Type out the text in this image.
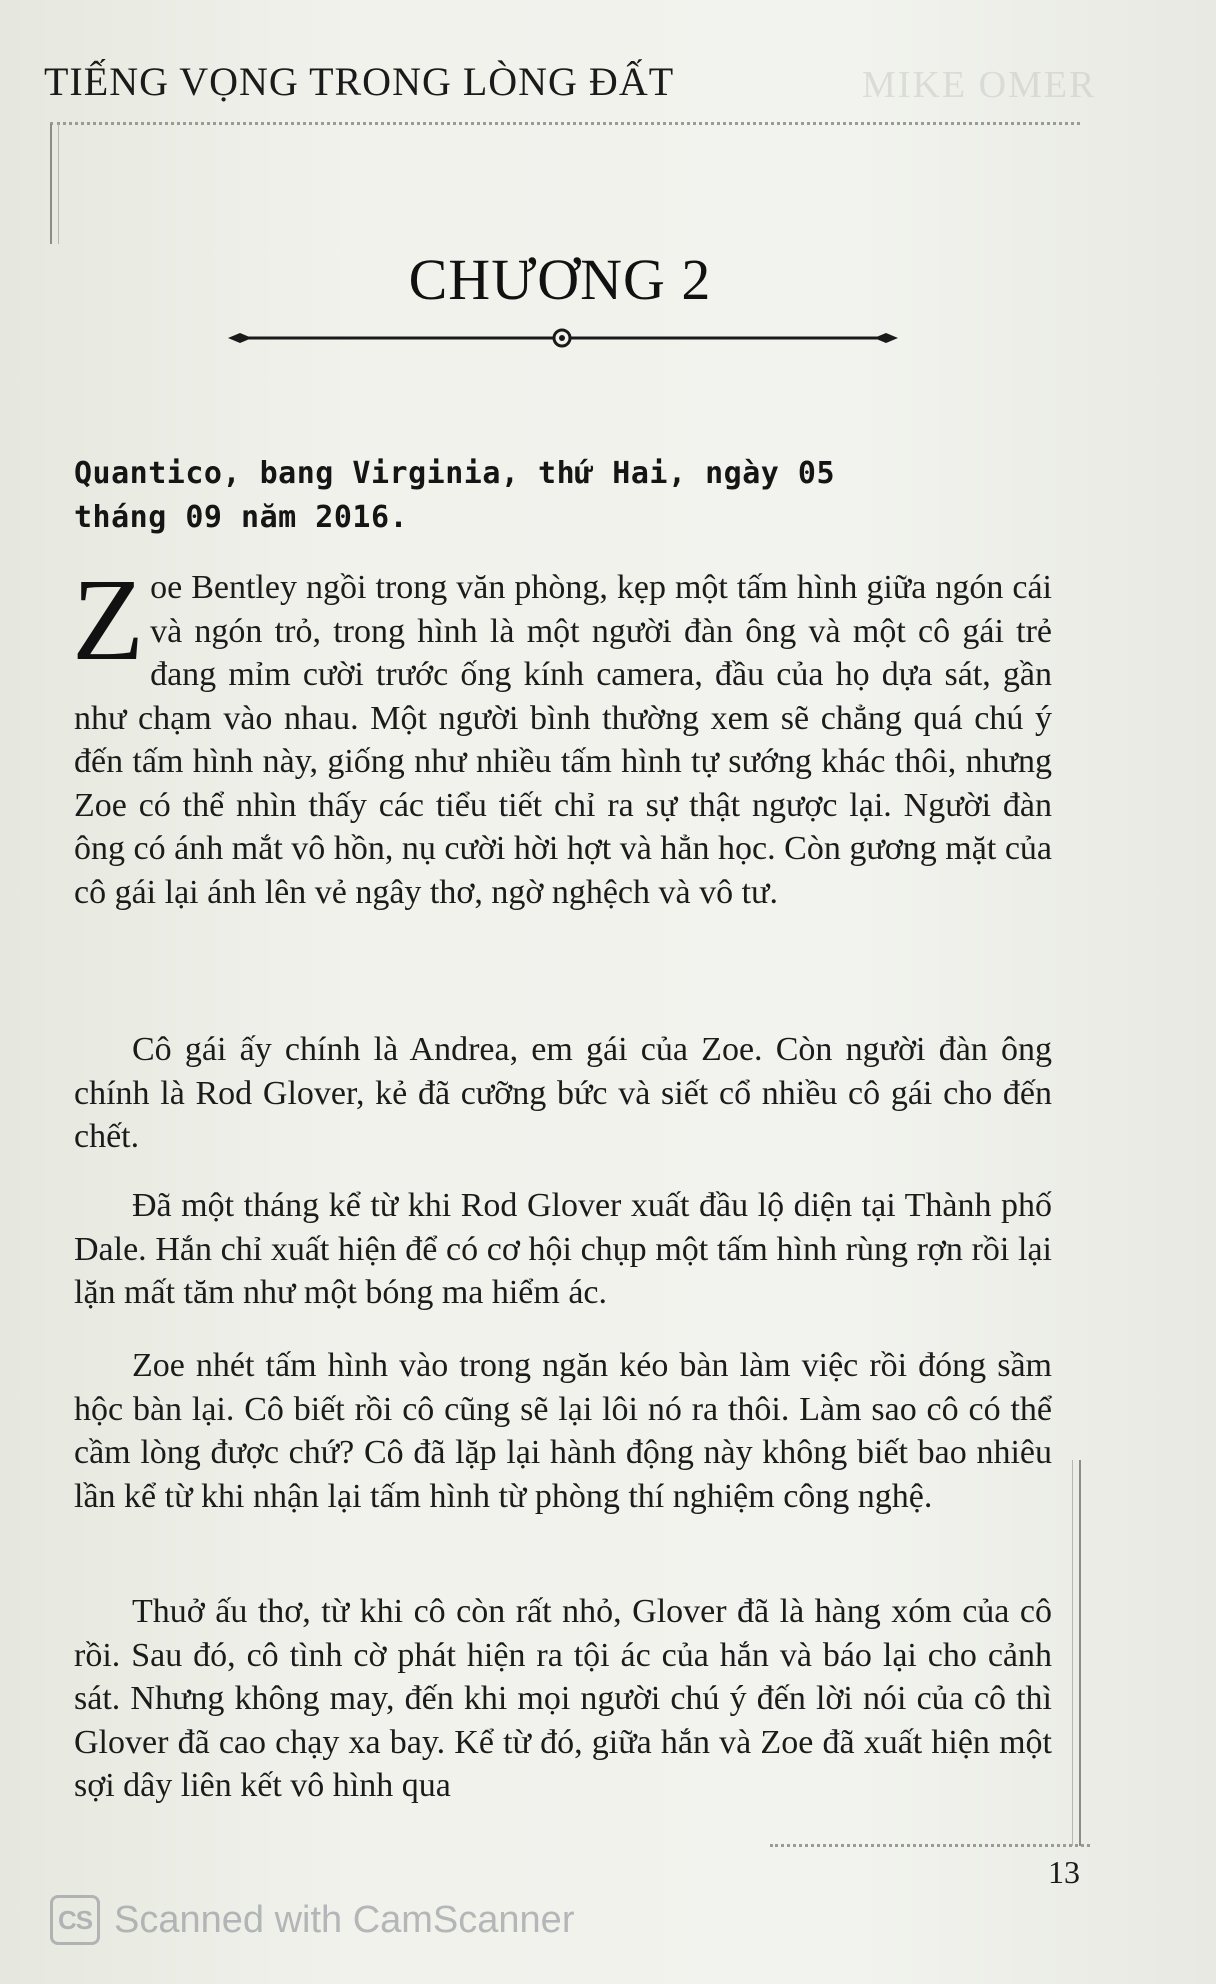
MIKE OMER
TIẾNG VỌNG TRONG LÒNG ĐẤT
CHƯƠNG 2
Quantico, bang Virginia, thứ Hai, ngày 05
tháng 09 năm 2016.

Z oe Bentley ngồi trong văn phòng, kẹp một tấm hình giữa ngón cái và ngón trỏ, trong hình là một người đàn ông và một cô gái trẻ đang mỉm cười trước ống kính camera, đầu của họ dựa sát, gần như chạm vào nhau. Một người bình thường xem sẽ chẳng quá chú ý đến tấm hình này, giống như nhiều tấm hình tự sướng khác thôi, nhưng Zoe có thể nhìn thấy các tiểu tiết chỉ ra sự thật ngược lại. Người đàn ông có ánh mắt vô hồn, nụ cười hời hợt và hẳn học. Còn gương mặt của cô gái lại ánh lên vẻ ngây thơ, ngờ nghệch và vô tư.

Cô gái ấy chính là Andrea, em gái của Zoe. Còn người đàn ông chính là Rod Glover, kẻ đã cưỡng bức và siết cổ nhiều cô gái cho đến chết.

Đã một tháng kể từ khi Rod Glover xuất đầu lộ diện tại Thành phố Dale. Hắn chỉ xuất hiện để có cơ hội chụp một tấm hình rùng rợn rồi lại lặn mất tăm như một bóng ma hiểm ác.

Zoe nhét tấm hình vào trong ngăn kéo bàn làm việc rồi đóng sầm hộc bàn lại. Cô biết rồi cô cũng sẽ lại lôi nó ra thôi. Làm sao cô có thể cầm lòng được chứ? Cô đã lặp lại hành động này không biết bao nhiêu lần kể từ khi nhận lại tấm hình từ phòng thí nghiệm công nghệ.

Thuở ấu thơ, từ khi cô còn rất nhỏ, Glover đã là hàng xóm của cô rồi. Sau đó, cô tình cờ phát hiện ra tội ác của hắn và báo lại cho cảnh sát. Nhưng không may, đến khi mọi người chú ý đến lời nói của cô thì Glover đã cao chạy xa bay. Kể từ đó, giữa hắn và Zoe đã xuất hiện một sợi dây liên kết vô hình qua

13
CS Scanned with CamScanner
